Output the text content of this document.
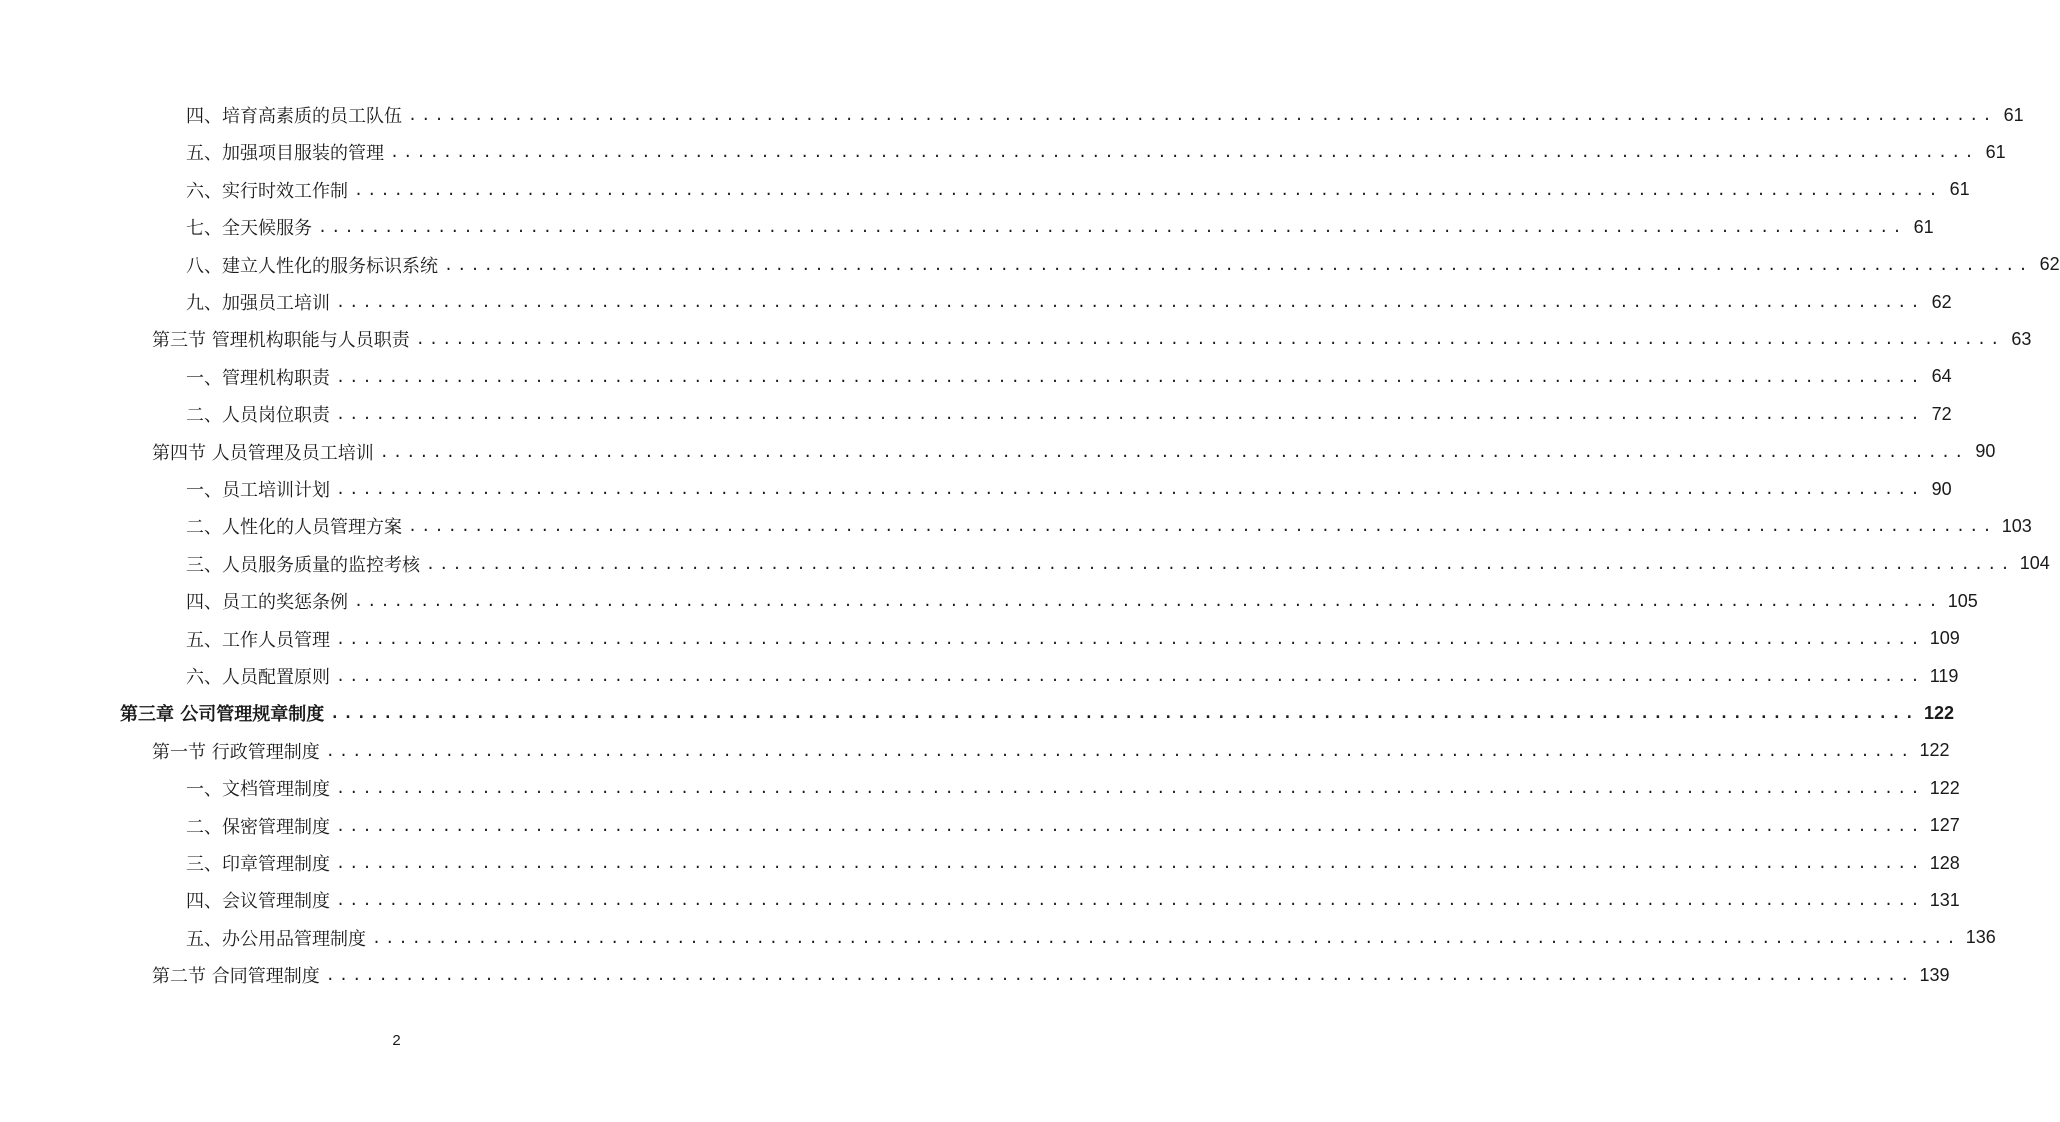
四、培育高素质的员工队伍 ........................................................................................................................ 61
五、加强项目服装的管理 ........................................................................................................................ 61
六、实行时效工作制 ........................................................................................................................ 61
七、全天候服务 ........................................................................................................................ 61
八、建立人性化的服务标识系统 ........................................................................................................................ 62
九、加强员工培训 ........................................................................................................................ 62
第三节 管理机构职能与人员职责 ........................................................................................................................ 63
一、管理机构职责 ........................................................................................................................ 64
二、人员岗位职责 ........................................................................................................................ 72
第四节 人员管理及员工培训 ........................................................................................................................ 90
一、员工培训计划 ........................................................................................................................ 90
二、人性化的人员管理方案 ........................................................................................................................ 103
三、人员服务质量的监控考核 ........................................................................................................................ 104
四、员工的奖惩条例 ........................................................................................................................ 105
五、工作人员管理 ........................................................................................................................ 109
六、人员配置原则 ........................................................................................................................ 119
第三章 公司管理规章制度 ........................................................................................................................ 122
第一节 行政管理制度 ........................................................................................................................ 122
一、文档管理制度 ........................................................................................................................ 122
二、保密管理制度 ........................................................................................................................ 127
三、印章管理制度 ........................................................................................................................ 128
四、会议管理制度 ........................................................................................................................ 131
五、办公用品管理制度 ........................................................................................................................ 136
第二节 合同管理制度 ........................................................................................................................ 139
2
